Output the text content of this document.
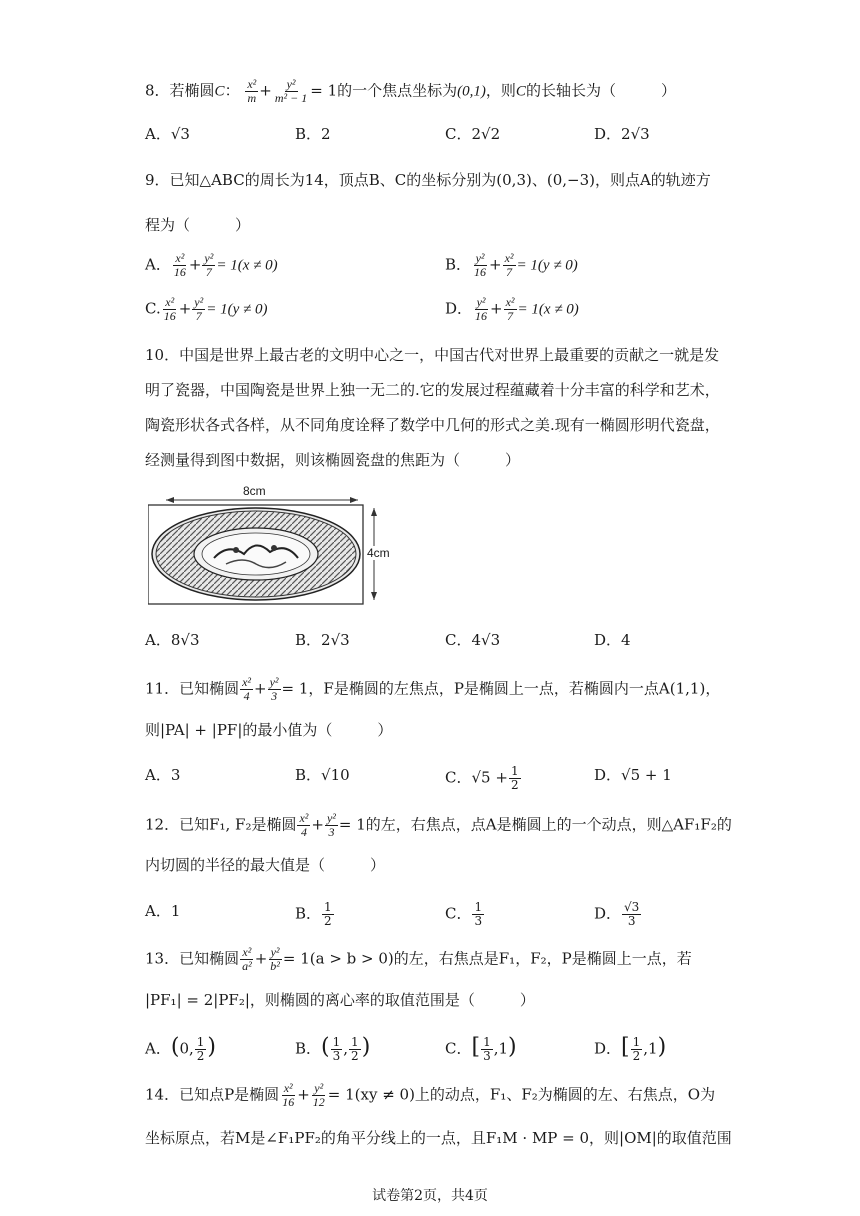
8．若椭圆C： $\frac{\text{x²}}{m} + \frac{\text{y²}}{\text{m² − 1}} = 1$的一个焦点坐标为(0,1)，则C的长轴长为（　　　）
A．√3	B．2	C．2√2	D．2√3
9．已知△ABC的周长为14，顶点B、C的坐标分别为(0,3)、(0,−3)，则点A的轨迹方
程为（　　　）
A． $\frac{\text{x²}}{16} + \frac{\text{y²}}{7} = 1(x \ne 0)$	B． $\frac{\text{y²}}{16} + \frac{\text{x²}}{7} = 1(y \ne 0)$
C. $\frac{\text{x²}}{16} + \frac{\text{y²}}{7} = 1(y \ne 0)$	D． $\frac{\text{y²}}{16} + \frac{\text{x²}}{7} = 1(x \ne 0)$
10．中国是世界上最古老的文明中心之一，中国古代对世界上最重要的贡献之一就是发
明了瓷器，中国陶瓷是世界上独一无二的.它的发展过程蕴藏着十分丰富的科学和艺术，
陶瓷形状各式各样，从不同角度诠释了数学中几何的形式之美.现有一椭圆形明代瓷盘，
经测量得到图中数据，则该椭圆瓷盘的焦距为（　　　）
8cm
4cm
A．8√3	B．2√3	C．4√3	D．4
11．已知椭圆 $\frac{\text{x²}}{4} + \frac{\text{y²}}{3} = 1$，F是椭圆的左焦点，P是椭圆上一点，若椭圆内一点A(1,1)，
则|PA| + |PF|的最小值为（　　　）
A．3	B．√10	C．$√5 + \frac{1}{2}$	D．√5 + 1
12．已知F₁, F₂是椭圆 $\frac{\text{x²}}{4} + \frac{\text{y²}}{3} = 1$的左，右焦点，点A是椭圆上的一个动点，则△AF₁F₂的
内切圆的半径的最大值是（　　　）
A．1	B． $\frac{1}{2}$	C． $\frac{1}{3}$	D． $\frac{√3}{3}$
13．已知椭圆 $\frac{\text{x²}}{\text{a²}} + \frac{\text{y²}}{\text{b²}} = 1(a > b > 0)$的左，右焦点是F₁，F₂，P是椭圆上一点，若
|PF₁| = 2|PF₂|，则椭圆的离心率的取值范围是（　　　）
A．(0, $\frac{1}{2}$ )	B．( $\frac{1}{3}$ , $\frac{1}{2}$ )	C．[ $\frac{1}{3} ,1$)	D．[ $\frac{1}{2} ,1$)
14．已知点P是椭圆 $\frac{\text{x²}}{16} + \frac{\text{y²}}{12} = 1(xy \ne 0)$上的动点，F₁、F₂为椭圆的左、右焦点，O为
坐标原点，若M是∠F₁PF₂的角平分线上的一点，且F₁M · MP = 0，则|OM|的取值范围
试卷第2页，共4页
